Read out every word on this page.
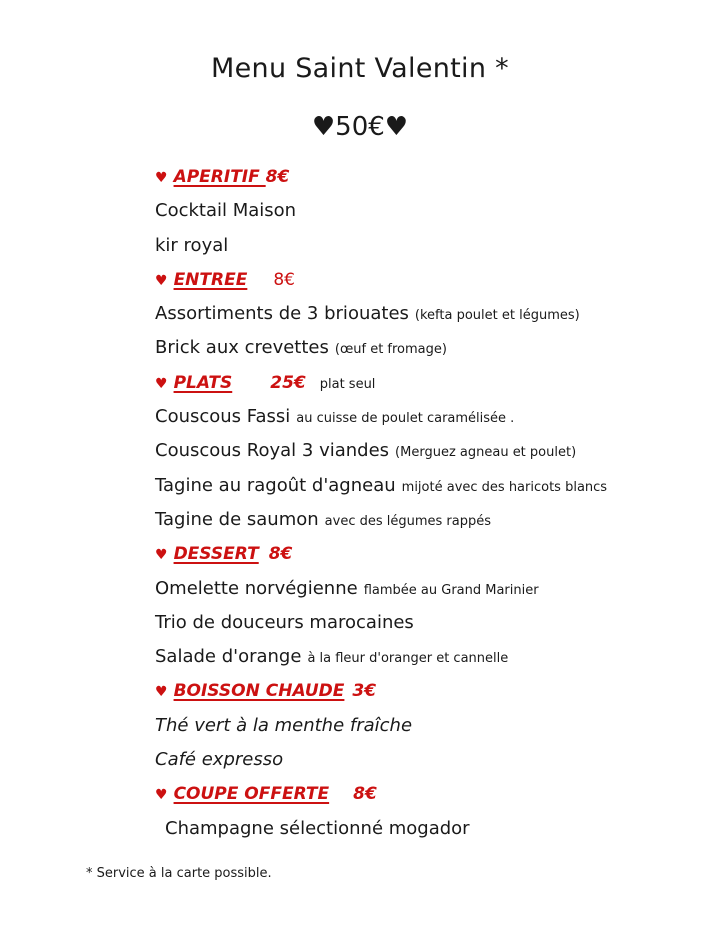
Menu Saint Valentin *
♥50€♥
♥ APERITIF 8€
Cocktail Maison
kir royal
♥ ENTREE 8€
Assortiments de 3 briouates (kefta poulet et légumes)
Brick aux crevettes (œuf et fromage)
♥ PLATS 25€ plat seul
Couscous Fassi au cuisse de poulet caramélisée .
Couscous Royal 3 viandes (Merguez agneau et poulet)
Tagine au ragoût d'agneau mijoté avec des haricots blancs
Tagine de saumon avec des légumes rappés
♥ DESSERT 8€
Omelette norvégienne flambée au Grand Marinier
Trio de douceurs marocaines
Salade d'orange à la fleur d'oranger et cannelle
♥ BOISSON CHAUDE 3€
Thé vert à la menthe fraîche
Café expresso
♥ COUPE OFFERTE 8€
Champagne sélectionné mogador
* Service à la carte possible.
